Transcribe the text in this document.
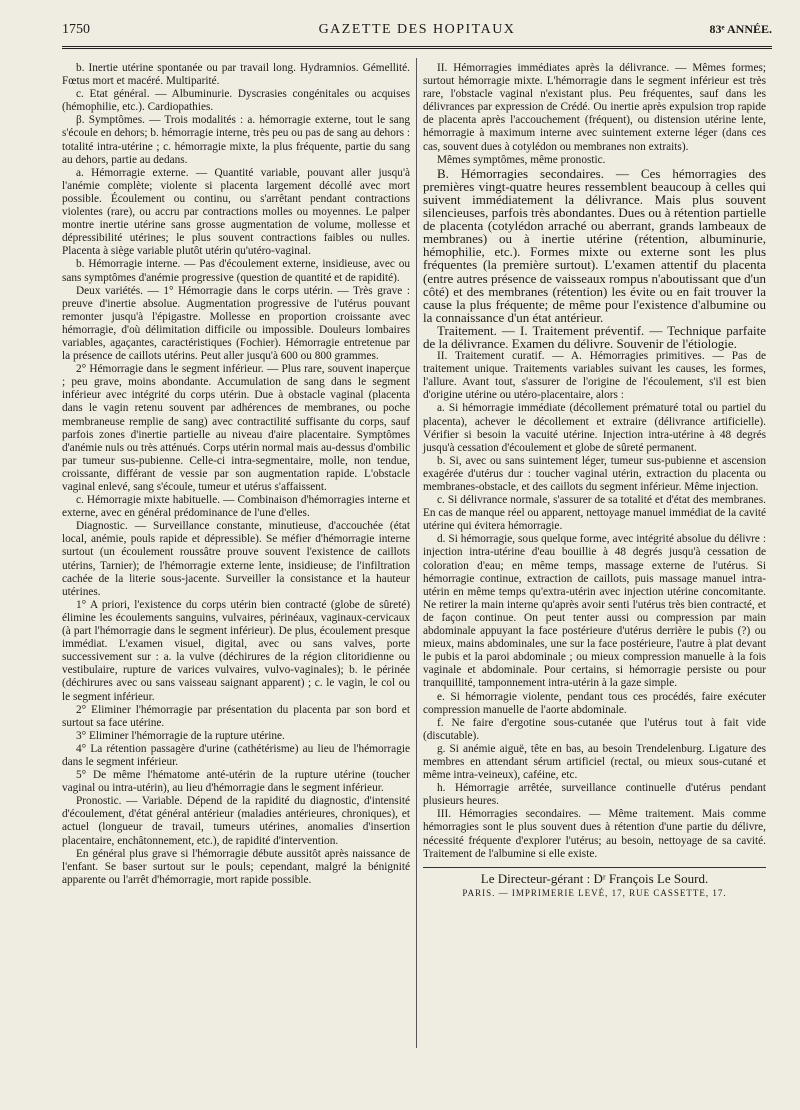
1750	GAZETTE DES HOPITAUX	83ᵉ ANNÉE.

b. Inertie utérine spontanée ou par travail long. Hydramnios. Gémellité. Fœtus mort et macéré. Multiparité.

c. Etat général. — Albuminurie. Dyscrasies congénitales ou acquises (hémophilie, etc.). Cardiopathies.

β. Symptômes. — Trois modalités : a. hémorragie externe, tout le sang s'écoule en dehors; b. hémorragie interne, très peu ou pas de sang au dehors : totalité intra-utérine ; c. hémorragie mixte, la plus fréquente, partie du sang au dehors, partie au dedans.

a. Hémorragie externe. — Quantité variable, pouvant aller jusqu'à l'anémie complète; violente si placenta largement décollé avec mort possible. Écoulement ou continu, ou s'arrêtant pendant contractions violentes (rare), ou accru par contractions molles ou moyennes. Le palper montre inertie utérine sans grosse augmentation de volume, mollesse et dépressibilité utérines; le plus souvent contractions faibles ou nulles. Placenta à siège variable plutôt utérin qu'utéro-vaginal.

b. Hémorragie interne. — Pas d'écoulement externe, insidieuse, avec ou sans symptômes d'anémie progressive (question de quantité et de rapidité).

Deux variétés. — 1° Hémorragie dans le corps utérin. — Très grave : preuve d'inertie absolue. Augmentation progressive de l'utérus pouvant remonter jusqu'à l'épigastre. Mollesse en proportion croissante avec hémorragie, d'où délimitation difficile ou impossible. Douleurs lombaires variables, agaçantes, caractéristiques (Fochier). Hémorragie entretenue par la présence de caillots utérins. Peut aller jusqu'à 600 ou 800 grammes.

2° Hémorragie dans le segment inférieur. — Plus rare, souvent inaperçue ; peu grave, moins abondante. Accumulation de sang dans le segment inférieur avec intégrité du corps utérin. Due à obstacle vaginal (placenta dans le vagin retenu souvent par adhérences de membranes, ou poche membraneuse remplie de sang) avec contractilité suffisante du corps, sauf parfois zones d'inertie partielle au niveau d'aire placentaire. Symptômes d'anémie nuls ou très atténués. Corps utérin normal mais au-dessus d'ombilic par tumeur sus-pubienne. Celle-ci intra-segmentaire, molle, non tendue, croissante, différant de vessie par son augmentation rapide. L'obstacle vaginal enlevé, sang s'écoule, tumeur et utérus s'affaissent.

c. Hémorragie mixte habituelle. — Combinaison d'hémorragies interne et externe, avec en général prédominance de l'une d'elles.

Diagnostic. — Surveillance constante, minutieuse, d'accouchée (état local, anémie, pouls rapide et dépressible). Se méfier d'hémorragie interne surtout (un écoulement roussâtre prouve souvent l'existence de caillots utérins, Tarnier); de l'hémorragie externe lente, insidieuse; de l'infiltration cachée de la literie sous-jacente. Surveiller la consistance et la hauteur utérines.

1° A priori, l'existence du corps utérin bien contracté (globe de sûreté) élimine les écoulements sanguins, vulvaires, périnéaux, vaginaux-cervicaux (à part l'hémorragie dans le segment inférieur). De plus, écoulement presque immédiat. L'examen visuel, digital, avec ou sans valves, porte successivement sur : a. la vulve (déchirures de la région clitoridienne ou vestibulaire, rupture de varices vulvaires, vulvo-vaginales); b. le périnée (déchirures avec ou sans vaisseau saignant apparent) ; c. le vagin, le col ou le segment inférieur.

2° Eliminer l'hémorragie par présentation du placenta par son bord et surtout sa face utérine.

3° Eliminer l'hémorragie de la rupture utérine.

4° La rétention passagère d'urine (cathétérisme) au lieu de l'hémorragie dans le segment inférieur.

5° De même l'hématome anté-utérin de la rupture utérine (toucher vaginal ou intra-utérin), au lieu d'hémorragie dans le segment inférieur.

Pronostic. — Variable. Dépend de la rapidité du diagnostic, d'intensité d'écoulement, d'état général antérieur (maladies antérieures, chroniques), et actuel (longueur de travail, tumeurs utérines, anomalies d'insertion placentaire, enchâtonnement, etc.), de rapidité d'intervention.

En général plus grave si l'hémorragie débute aussitôt après naissance de l'enfant. Se baser surtout sur le pouls; cependant, malgré la bénignité apparente ou l'arrêt d'hémorragie, mort rapide possible.

II. Hémorragies immédiates après la délivrance. — Mêmes formes; surtout hémorragie mixte. L'hémorragie dans le segment inférieur est très rare, l'obstacle vaginal n'existant plus. Peu fréquentes, sauf dans les délivrances par expression de Crédé. Ou inertie après expulsion trop rapide de placenta après l'accouchement (fréquent), ou distension utérine lente, hémorragie à maximum interne avec suintement externe léger (dans ces cas, souvent dues à cotylédon ou membranes non extraits).

Mêmes symptômes, même pronostic.

B. Hémorragies secondaires. — Ces hémorragies des premières vingt-quatre heures ressemblent beaucoup à celles qui suivent immédiatement la délivrance. Mais plus souvent silencieuses, parfois très abondantes. Dues ou à rétention partielle de placenta (cotylédon arraché ou aberrant, grands lambeaux de membranes) ou à inertie utérine (rétention, albuminurie, hémophilie, etc.). Formes mixte ou externe sont les plus fréquentes (la première surtout). L'examen attentif du placenta (entre autres présence de vaisseaux rompus n'aboutissant que d'un côté) et des membranes (rétention) les évite ou en fait trouver la cause la plus fréquente; de même pour l'existence d'albumine ou la connaissance d'un état antérieur.

Traitement. — I. Traitement préventif. — Technique parfaite de la délivrance. Examen du délivre. Souvenir de l'étiologie.

II. Traitement curatif. — A. Hémorragies primitives. — Pas de traitement unique. Traitements variables suivant les causes, les formes, l'allure. Avant tout, s'assurer de l'origine de l'écoulement, s'il est bien d'origine utérine ou utéro-placentaire, alors :

a. Si hémorragie immédiate (décollement prématuré total ou partiel du placenta), achever le décollement et extraire (délivrance artificielle). Vérifier si besoin la vacuité utérine. Injection intra-utérine à 48 degrés jusqu'à cessation d'écoulement et globe de sûreté permanent.

b. Si, avec ou sans suintement léger, tumeur sus-pubienne et ascension exagérée d'utérus dur : toucher vaginal utérin, extraction du placenta ou membranes-obstacle, et des caillots du segment inférieur. Même injection.

c. Si délivrance normale, s'assurer de sa totalité et d'état des membranes. En cas de manque réel ou apparent, nettoyage manuel immédiat de la cavité utérine qui évitera hémorragie.

d. Si hémorragie, sous quelque forme, avec intégrité absolue du délivre : injection intra-utérine d'eau bouillie à 48 degrés jusqu'à cessation de coloration d'eau; en même temps, massage externe de l'utérus. Si hémorragie continue, extraction de caillots, puis massage manuel intra-utérin en même temps qu'extra-utérin avec injection utérine concomitante. Ne retirer la main interne qu'après avoir senti l'utérus très bien contracté, et de façon continue. On peut tenter aussi ou compression par main abdominale appuyant la face postérieure d'utérus derrière le pubis (?) ou mieux, mains abdominales, une sur la face postérieure, l'autre à plat devant le pubis et la paroi abdominale ; ou mieux compression manuelle à la fois vaginale et abdominale. Pour certains, si hémorragie persiste ou pour tranquillité, tamponnement intra-utérin à la gaze simple.

e. Si hémorragie violente, pendant tous ces procédés, faire exécuter compression manuelle de l'aorte abdominale.

f. Ne faire d'ergotine sous-cutanée que l'utérus tout à fait vide (discutable).

g. Si anémie aiguë, tête en bas, au besoin Trendelenburg. Ligature des membres en attendant sérum artificiel (rectal, ou mieux sous-cutané et même intra-veineux), caféine, etc.

h. Hémorragie arrêtée, surveillance continuelle d'utérus pendant plusieurs heures.

III. Hémorragies secondaires. — Même traitement. Mais comme hémorragies sont le plus souvent dues à rétention d'une partie du délivre, nécessité fréquente d'explorer l'utérus; au besoin, nettoyage de sa cavité. Traitement de l'albumine si elle existe.

Le Directeur-gérant : Dʳ François Le Sourd.
PARIS. — IMPRIMERIE LEVÉ, 17, RUE CASSETTE, 17.
